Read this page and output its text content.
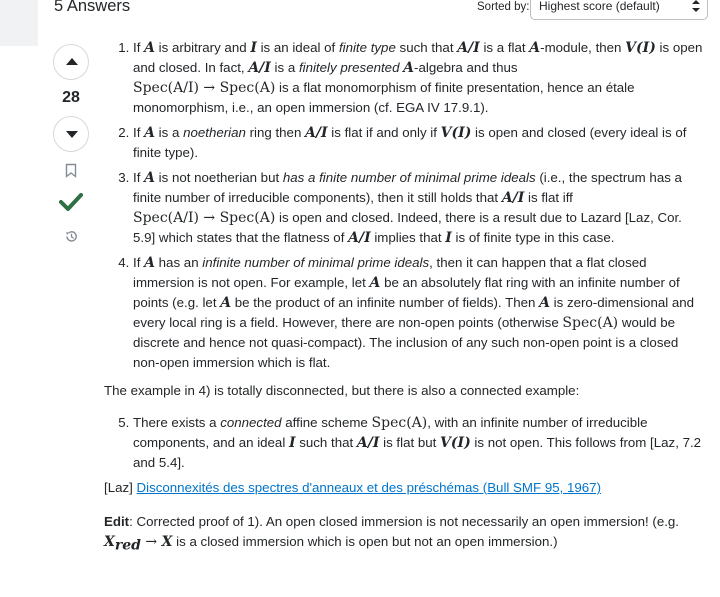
5 Answers	Sorted by: Highest score (default)
28
1. If A is arbitrary and I is an ideal of finite type such that A/I is a flat A-module, then V(I) is open and closed. In fact, A/I is a finitely presented A-algebra and thus
Spec(A/I) → Spec(A) is a flat monomorphism of finite presentation, hence an étale monomorphism, i.e., an open immersion (cf. EGA IV 17.9.1).
2. If A is a noetherian ring then A/I is flat if and only if V(I) is open and closed (every ideal is of finite type).
3. If A is not noetherian but has a finite number of minimal prime ideals (i.e., the spectrum has a finite number of irreducible components), then it still holds that A/I is flat iff
Spec(A/I) → Spec(A) is open and closed. Indeed, there is a result due to Lazard [Laz, Cor. 5.9] which states that the flatness of A/I implies that I is of finite type in this case.
4. If A has an infinite number of minimal prime ideals, then it can happen that a flat closed immersion is not open. For example, let A be an absolutely flat ring with an infinite number of points (e.g. let A be the product of an infinite number of fields). Then A is zero-dimensional and every local ring is a field. However, there are non-open points (otherwise Spec(A) would be discrete and hence not quasi-compact). The inclusion of any such non-open point is a closed non-open immersion which is flat.

The example in 4) is totally disconnected, but there is also a connected example:

5. There exists a connected affine scheme Spec(A), with an infinite number of irreducible components, and an ideal I such that A/I is flat but V(I) is not open. This follows from [Laz, 7.2 and 5.4].

[Laz] Disconnexités des spectres d'anneaux et des préschémas (Bull SMF 95, 1967)

Edit: Corrected proof of 1). An open closed immersion is not necessarily an open immersion! (e.g.
$X_{red} \to X$ is a closed immersion which is open but not an open immersion.)
